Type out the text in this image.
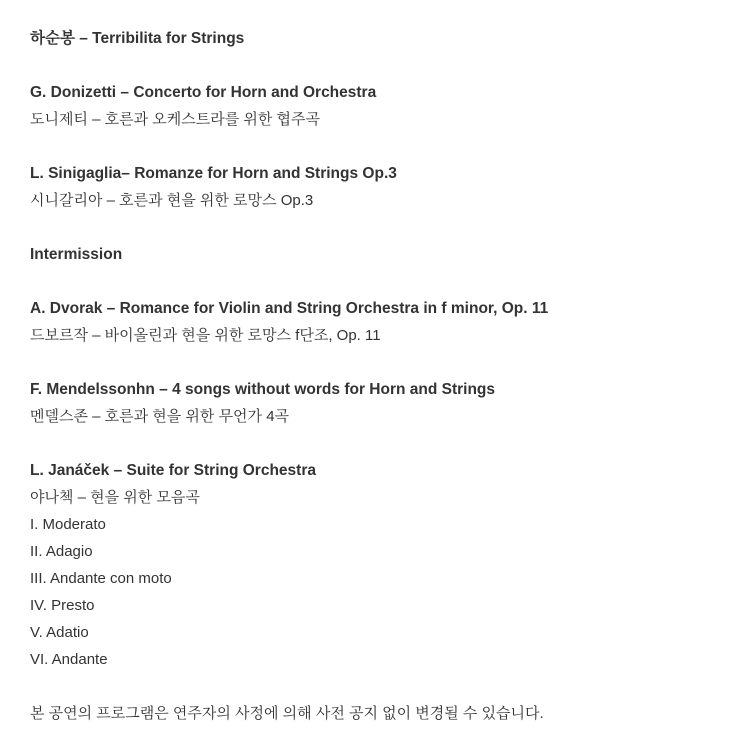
하순봉 – Terribilita for Strings
G. Donizetti – Concerto for Horn and Orchestra
도니제티 – 호른과 오케스트라를 위한 협주곡
L. Sinigaglia– Romanze for Horn and Strings Op.3
시니갈리아 – 호른과 현을 위한 로망스 Op.3
Intermission
A. Dvorak – Romance for Violin and String Orchestra in f minor, Op. 11
드보르작 – 바이올린과 현을 위한 로망스 f단조, Op. 11
F. Mendelssonhn – 4 songs without words for Horn and Strings
멘델스존 – 호른과 현을 위한 무언가 4곡
L. Janáček – Suite for String Orchestra
야나첵 – 현을 위한 모음곡
I. Moderato
II. Adagio
III. Andante con moto
IV. Presto
V. Adatio
VI. Andante
본 공연의 프로그램은 연주자의 사정에 의해 사전 공지 없이 변경될 수 있습니다.
